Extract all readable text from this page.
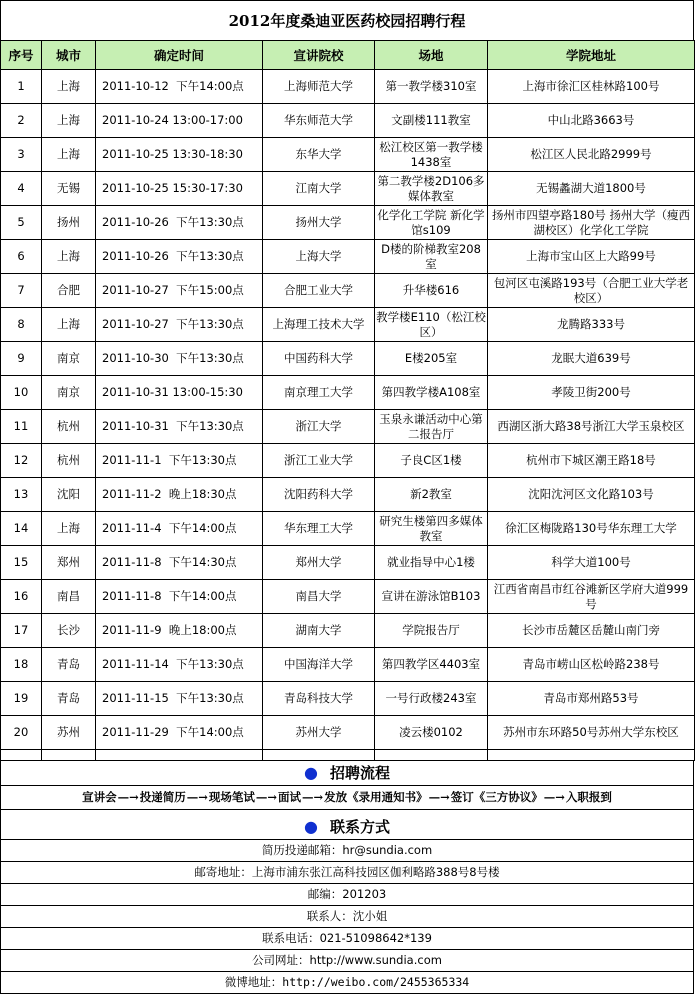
2012年度桑迪亚医药校园招聘行程
序号	城市	确定时间	宣讲院校	场地	学院地址
1	上海	2011-10-12  下午14:00点	上海师范大学	第一教学楼310室	上海市徐汇区桂林路100号
2	上海	2011-10-24 13:00-17:00	华东师范大学	文副楼111教室	中山北路3663号
3	上海	2011-10-25 13:30-18:30	东华大学	松江校区第一教学楼1438室	松江区人民北路2999号
4	无锡	2011-10-25 15:30-17:30	江南大学	第二教学楼2D106多媒体教室	无锡蠡湖大道1800号
5	扬州	2011-10-26  下午13:30点	扬州大学	化学化工学院 新化学馆s109	扬州市四望亭路180号 扬州大学（瘦西湖校区）化学化工学院
6	上海	2011-10-26  下午13:30点	上海大学	D楼的阶梯教室208室	上海市宝山区上大路99号
7	合肥	2011-10-27  下午15:00点	合肥工业大学	升华楼616	包河区屯溪路193号（合肥工业大学老校区）
8	上海	2011-10-27  下午13:30点	上海理工技术大学	教学楼E110（松江校区）	龙腾路333号
9	南京	2011-10-30  下午13:30点	中国药科大学	E楼205室	龙眠大道639号
10	南京	2011-10-31 13:00-15:30	南京理工大学	第四教学楼A108室	孝陵卫街200号
11	杭州	2011-10-31  下午13:30点	浙江大学	玉泉永谦活动中心第二报告厅	西湖区浙大路38号浙江大学玉泉校区
12	杭州	2011-11-1  下午13:30点	浙江工业大学	子良C区1楼	杭州市下城区潮王路18号
13	沈阳	2011-11-2  晚上18:30点	沈阳药科大学	新2教室	沈阳沈河区文化路103号
14	上海	2011-11-4  下午14:00点	华东理工大学	研究生楼第四多媒体教室	徐汇区梅陇路130号华东理工大学
15	郑州	2011-11-8  下午14:30点	郑州大学	就业指导中心1楼	科学大道100号
16	南昌	2011-11-8  下午14:00点	南昌大学	宣讲在游泳馆B103	江西省南昌市红谷滩新区学府大道999号
17	长沙	2011-11-9  晚上18:00点	湖南大学	学院报告厅	长沙市岳麓区岳麓山南门旁
18	青岛	2011-11-14  下午13:30点	中国海洋大学	第四教学区4403室	青岛市崂山区松岭路238号
19	青岛	2011-11-15  下午13:30点	青岛科技大学	一号行政楼243室	青岛市郑州路53号
20	苏州	2011-11-29  下午14:00点	苏州大学	凌云楼0102	苏州市东环路50号苏州大学东校区

● 招聘流程
宣讲会—→投递简历—→现场笔试—→面试—→发放《录用通知书》—→签订《三方协议》—→入职报到
● 联系方式
简历投递邮箱：hr@sundia.com
邮寄地址：上海市浦东张江高科技园区伽利略路388号8号楼
邮编：201203
联系人：沈小姐
联系电话：021-51098642*139
公司网址：http://www.sundia.com
微博地址：http://weibo.com/2455365334
